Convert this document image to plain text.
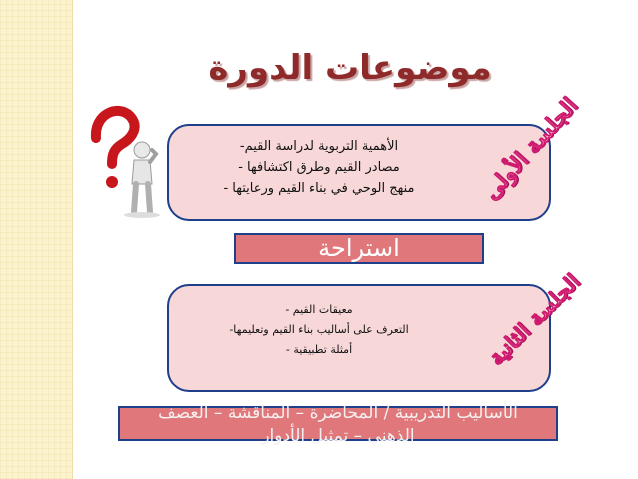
موضوعات الدورة
الأهمية التربوية لدراسة القيم-
مصادر القيم وطرق اكتشافها -
منهج الوحي في بناء القيم ورعايتها -	الجلسة الأولى
استراحة
معيقات القيم -
التعرف على أساليب بناء القيم وتعليمها-
أمثلة تطبيقية -	الجلسة الثانية
الأساليب التدريبية / المحاضرة – المناقشة – العصف
الذهني – تمثيل الأدوار
